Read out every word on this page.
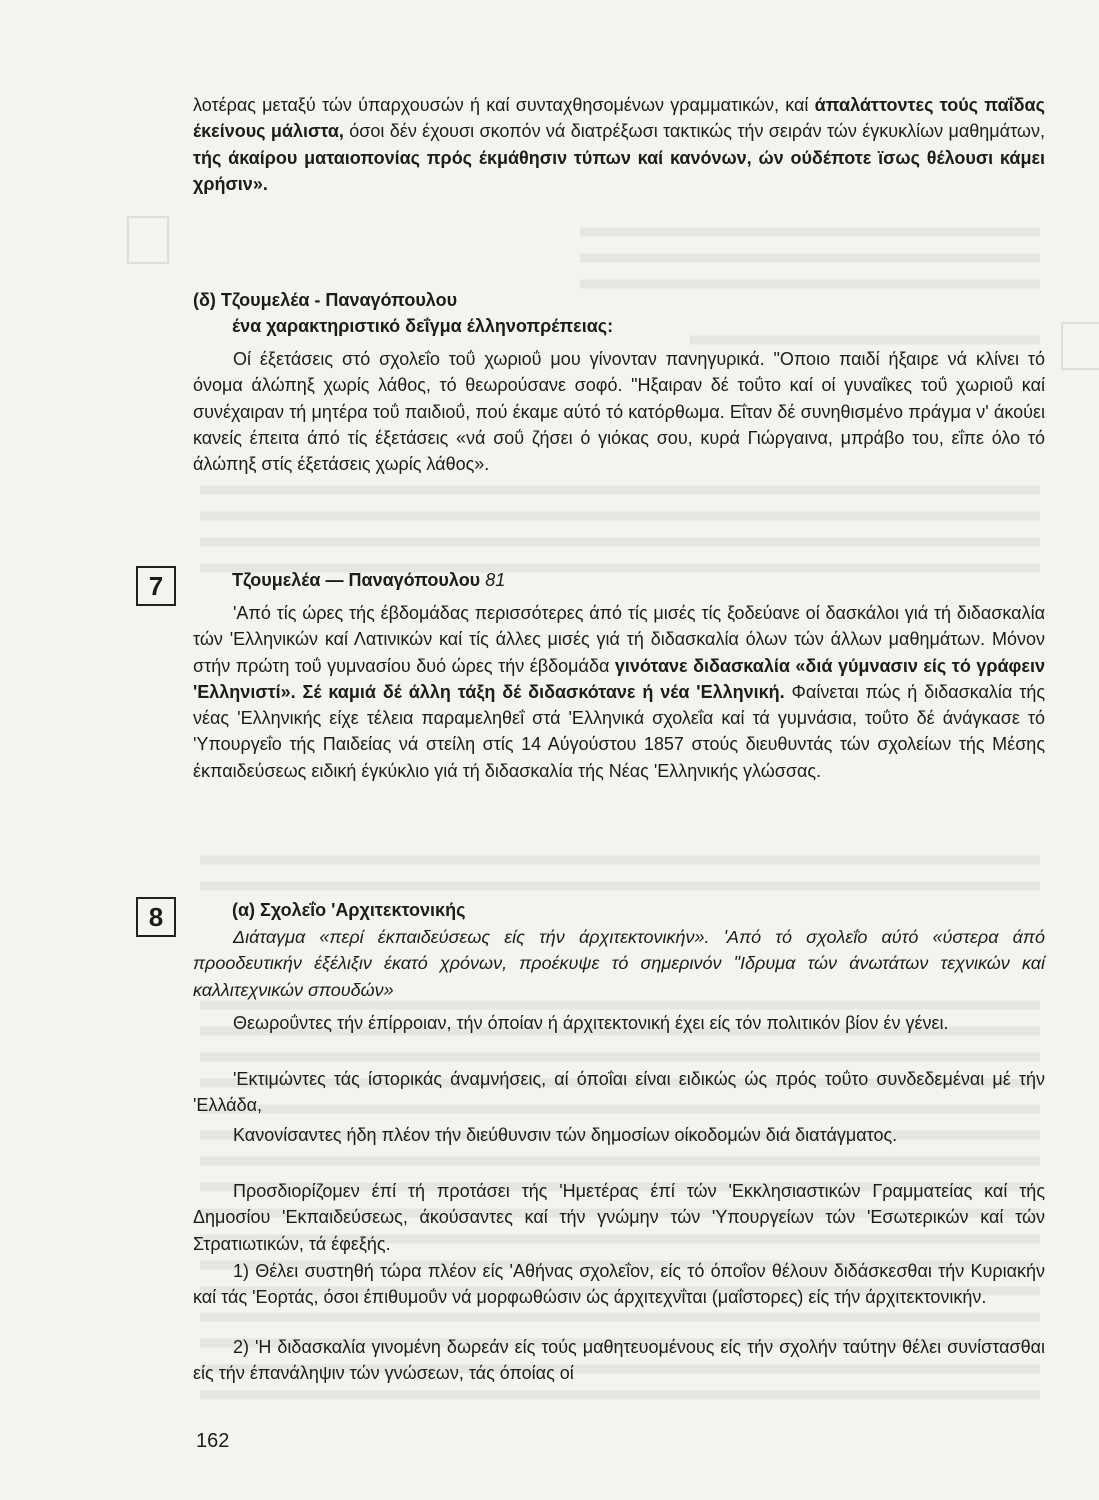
λοτέρας μεταξύ τών ύπαρχουσών ή καί συνταχθησομένων γραμματικών, καί άπαλάττοντες τούς παΐδας έκείνους μάλιστα, όσοι δέν έχουσι σκοπόν νά διατρέξωσι τακτικώς τήν σειράν τών έγκυκλίων μαθημάτων, τής άκαίρου ματαιοπονίας πρός έκμάθησιν τύπων καί κανόνων, ών ούδέποτε ϊσως θέλουσι κάμει χρήσιν».

(δ) Τζουμελέα - Παναγόπουλου

ένα χαρακτηριστικό δεΐγμα έλληνοπρέπειας:

Οί έξετάσεις στό σχολεΐο τοΰ χωριοΰ μου γίνονταν πανηγυρικά. "Οποιο παιδί ήξαιρε νά κλίνει τό όνομα άλώπηξ χωρίς λάθος, τό θεωρούσανε σοφό. "Ηξαιραν δέ τοΰτο καί οί γυναΐκες τοΰ χωριοΰ καί συνέχαιραν τή μητέρα τοΰ παιδιοΰ, πού έκαμε αύτό τό κατόρθωμα. Εΐταν δέ συνηθισμένο πράγμα ν' άκούει κανείς έπειτα άπό τίς έξετάσεις «νά σοΰ ζήσει ό γιόκας σου, κυρά Γιώργαινα, μπράβο του, εΐπε όλο τό άλώπηξ στίς έξετάσεις χωρίς λάθος».

7	Τζουμελέα — Παναγόπουλου 81

'Από τίς ώρες τής έβδομάδας περισσότερες άπό τίς μισές τίς ξοδεύανε οί δασκάλοι γιά τή διδασκαλία τών 'Ελληνικών καί Λατινικών καί τίς άλλες μισές γιά τή διδασκαλία όλων τών άλλων μαθημάτων. Μόνον στήν πρώτη τοΰ γυμνασίου δυό ώρες τήν έβδομάδα γινότανε διδασκαλία «διά γύμνασιν είς τό γράφειν 'Ελληνιστί». Σέ καμιά δέ άλλη τάξη δέ διδασκότανε ή νέα 'Ελληνική. Φαίνεται πώς ή διδασκαλία τής νέας 'Ελληνικής είχε τέλεια παραμεληθεΐ στά 'Ελληνικά σχολεΐα καί τά γυμνάσια, τοΰτο δέ άνάγκασε τό 'Υπουργεΐο τής Παιδείας νά στείλη στίς 14 Αύγούστου 1857 στούς διευθυντάς τών σχολείων τής Μέσης έκπαιδεύσεως ειδική έγκύκλιο γιά τή διδασκαλία τής Νέας 'Ελληνικής γλώσσας.

8	(α) Σχολεΐο 'Αρχιτεκτονικής

Διάταγμα «περί έκπαιδεύσεως είς τήν άρχιτεκτονικήν». 'Από τό σχολεΐο αύτό «ύστερα άπό προοδευτικήν έξέλιξιν έκατό χρόνων, προέκυψε τό σημερινόν "Ιδρυμα τών άνωτάτων τεχνικών καί καλλιτεχνικών σπουδών»

Θεωροΰντες τήν έπίρροιαν, τήν όποίαν ή άρχιτεκτονική έχει είς τόν πολιτικόν βίον έν γένει.

'Εκτιμώντες τάς ίστορικάς άναμνήσεις, αί όποΐαι είναι ειδικώς ώς πρός τοΰτο συνδεδεμέναι μέ τήν 'Ελλάδα,

Κανονίσαντες ήδη πλέον τήν διεύθυνσιν τών δημοσίων οίκοδομών διά διατάγματος.

Προσδιορίζομεν έπί τή προτάσει τής 'Ημετέρας έπί τών 'Εκκλησιαστικών Γραμματείας καί τής Δημοσίου 'Εκπαιδεύσεως, άκούσαντες καί τήν γνώμην τών 'Υπουργείων τών 'Εσωτερικών καί τών Στρατιωτικών, τά έφεξής.

1) Θέλει συστηθή τώρα πλέον είς 'Αθήνας σχολεΐον, είς τό όποΐον θέλουν διδάσκεσθαι τήν Κυριακήν καί τάς 'Εορτάς, όσοι έπιθυμοΰν νά μορφωθώσιν ώς άρχιτεχνΐται (μαΐστορες) είς τήν άρχιτεκτονικήν.

2) 'Η διδασκαλία γινομένη δωρεάν είς τούς μαθητευομένους είς τήν σχολήν ταύτην θέλει συνίστασθαι είς τήν έπανάληψιν τών γνώσεων, τάς όποίας οί

162
